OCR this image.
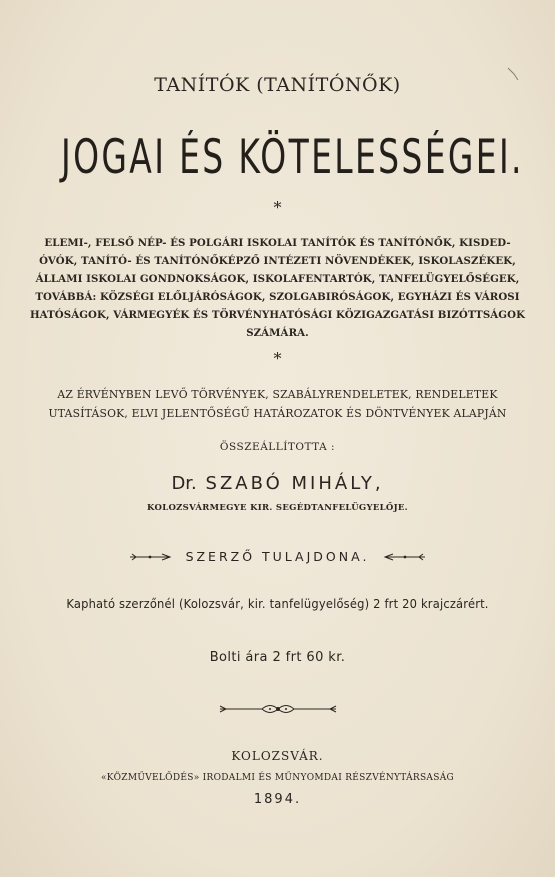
TANÍTÓK (TANÍTÓNŐK)
JOGAI ÉS KÖTELESSÉGEI.
*
ELEMI-, FELSŐ NÉP- ÉS POLGÁRI ISKOLAI TANÍTÓK ÉS TANÍTÓNŐK, KISDED-
ÓVÓK, TANÍTÓ- ÉS TANÍTÓNŐKÉPZŐ INTÉZETI NÖVENDÉKEK, ISKOLASZÉKEK,
ÁLLAMI ISKOLAI GONDNOKSÁGOK, ISKOLAFENTARTÓK, TANFELÜGYELŐSÉGEK,
TOVÁBBÁ: KÖZSÉGI ELŐLJÁRÓSÁGOK, SZOLGABIRÓSÁGOK, EGYHÁZI ÉS VÁROSI
HATÓSÁGOK, VÁRMEGYÉK ÉS TÖRVÉNYHATÓSÁGI KÖZIGAZGATÁSI BIZÓTTSÁGOK
SZÁMÁRA.
*
AZ ÉRVÉNYBEN LEVŐ TÖRVÉNYEK, SZABÁLYRENDELETEK, RENDELETEK
UTASÍTÁSOK, ELVI JELENTŐSÉGŰ HATÁROZATOK ÉS DÖNTVÉNYEK ALAPJÁN
ÖSSZEÁLLÍTOTTA :
Dr. SZABÓ MIHÁLY,
KOLOZSVÁRMEGYE KIR. SEGÉDTANFELÜGYELŐJE.
SZERZŐ TULAJDONA.
Kapható szerzőnél (Kolozsvár, kir. tanfelügyelőség) 2 frt 20 krajczárért.
Bolti ára 2 frt 60 kr.
KOLOZSVÁR.
«KÖZMŰVELŐDÉS» IRODALMI ÉS MŰNYOMDAI RÉSZVÉNYTÁRSASÁG
1894.
